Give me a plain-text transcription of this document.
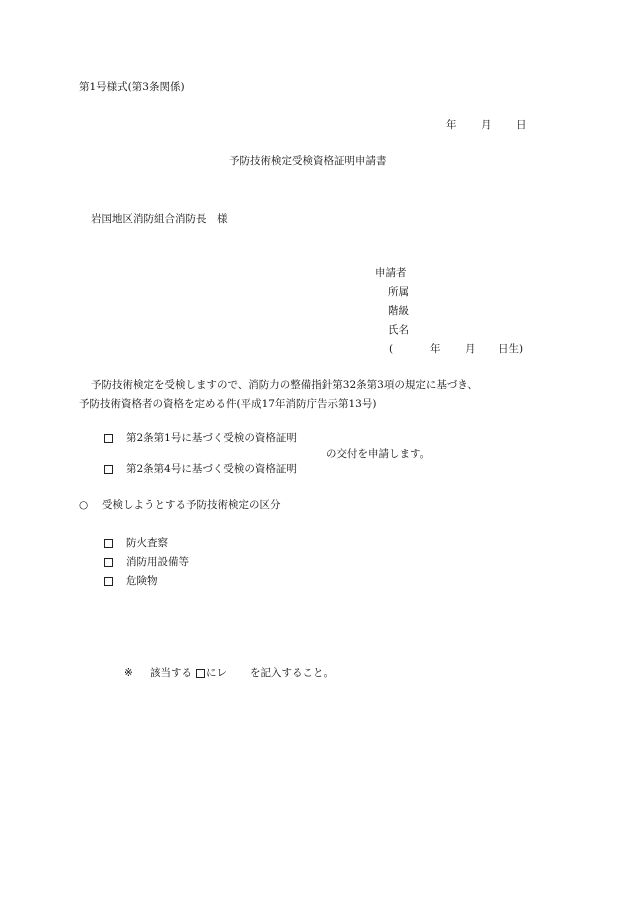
第1号様式(第3条関係)
年 月 日
予防技術検定受検資格証明申請書
岩国地区消防組合消防長　様
申請者
所属
階級
氏名
(	年 月 日生)
予防技術検定を受検しますので、消防力の整備指針第32条第3項の規定に基づき、
予防技術資格者の資格を定める件(平成17年消防庁告示第13号)
第2条第1号に基づく受検の資格証明
の交付を申請します。
第2条第4号に基づく受検の資格証明
○ 受検しようとする予防技術検定の区分
防火査察
消防用設備等
危険物
※ 該当する にレ を記入すること。
